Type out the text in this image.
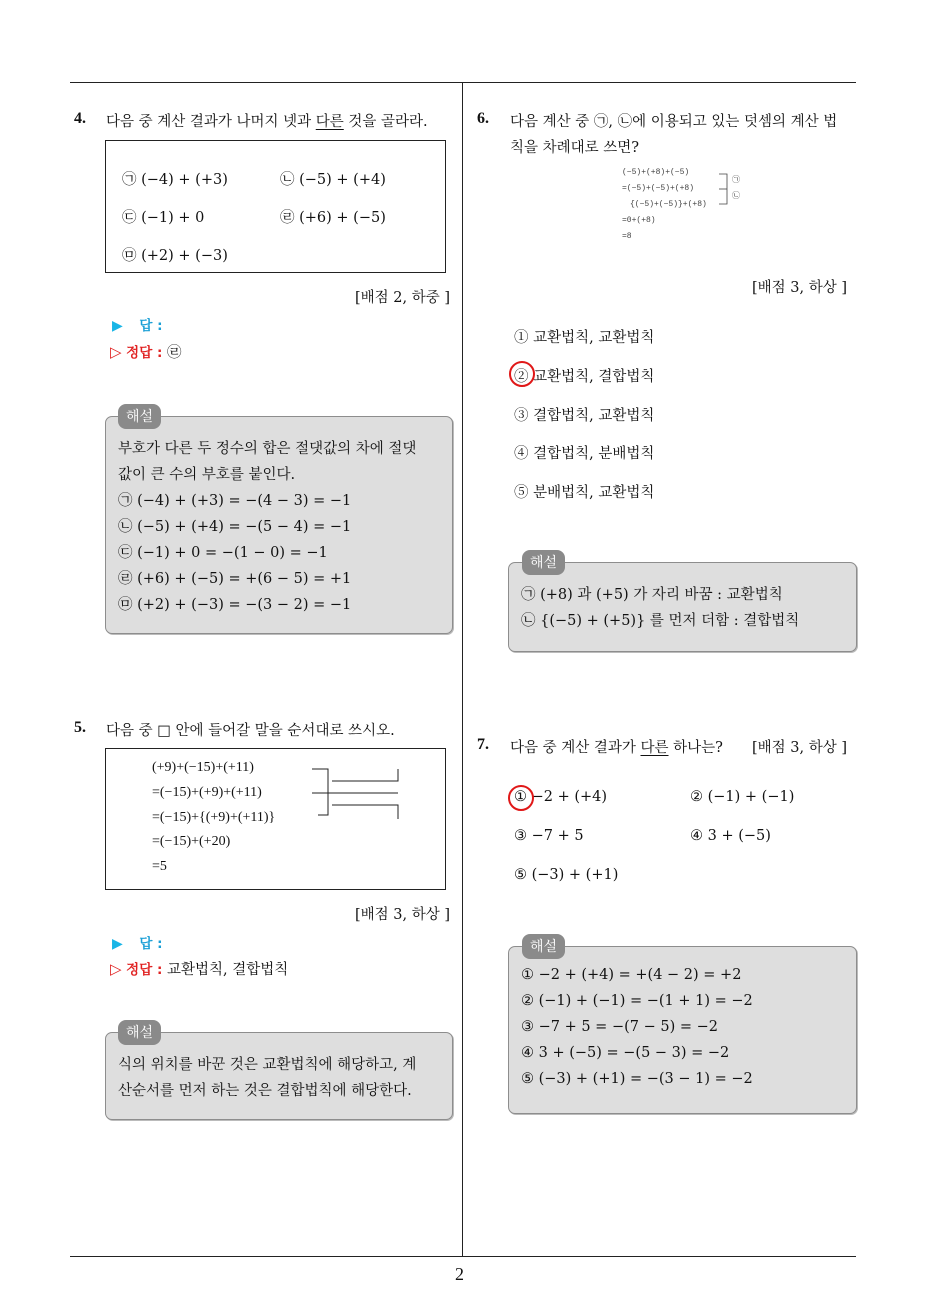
2
4. 다음 중 계산 결과가 나머지 넷과 다른 것을 골라라.
㉠ (−4) + (+3)	㉡ (−5) + (+4)
㉢ (−1) + 0	㉣ (+6) + (−5)
㉤ (+2) + (−3)
[배점 2, 하중 ]
▶ 답 :
▷ 정답 : ㉣
부호가 다른 두 정수의 합은 절댓값의 차에 절댓
값이 큰 수의 부호를 붙인다.
㉠ (−4) + (+3) = −(4 − 3) = −1
㉡ (−5) + (+4) = −(5 − 4) = −1
㉢ (−1) + 0 = −(1 − 0) = −1
㉣ (+6) + (−5) = +(6 − 5) = +1
㉤ (+2) + (−3) = −(3 − 2) = −1
해설
5. 다음 중 □ 안에 들어갈 말을 순서대로 쓰시오.
(+9)+(−15)+(+11)
=(−15)+(+9)+(+11)
=(−15)+{(+9)+(+11)}
=(−15)+(+20)
=5
[배점 3, 하상 ]
▶ 답 :
▷ 정답 : 교환법칙, 결합법칙
식의 위치를 바꾼 것은 교환법칙에 해당하고, 계
산순서를 먼저 하는 것은 결합법칙에 해당한다.
해설
6. 다음 계산 중 ㉠, ㉡에 이용되고 있는 덧셈의 계산 법
칙을 차례대로 쓰면?
(−5)+(+8)+(−5)
=(−5)+(−5)+(+8)
{(−5)+(−5)}+(+8)
=0+(+8)
=8
㉠
㉡
[배점 3, 하상 ]
① 교환법칙, 교환법칙
② 교환법칙, 결합법칙
③ 결합법칙, 교환법칙
④ 결합법칙, 분배법칙
⑤ 분배법칙, 교환법칙
㉠ (+8) 과 (+5) 가 자리 바꿈 : 교환법칙
㉡ {(−5) + (+5)} 를 먼저 더함 : 결합법칙
해설
7. 다음 중 계산 결과가 다른 하나는? [배점 3, 하상 ]
① −2 + (+4)	② (−1) + (−1)
③ −7 + 5	④ 3 + (−5)
⑤ (−3) + (+1)
① −2 + (+4) = +(4 − 2) = +2
② (−1) + (−1) = −(1 + 1) = −2
③ −7 + 5 = −(7 − 5) = −2
④ 3 + (−5) = −(5 − 3) = −2
⑤ (−3) + (+1) = −(3 − 1) = −2
해설
